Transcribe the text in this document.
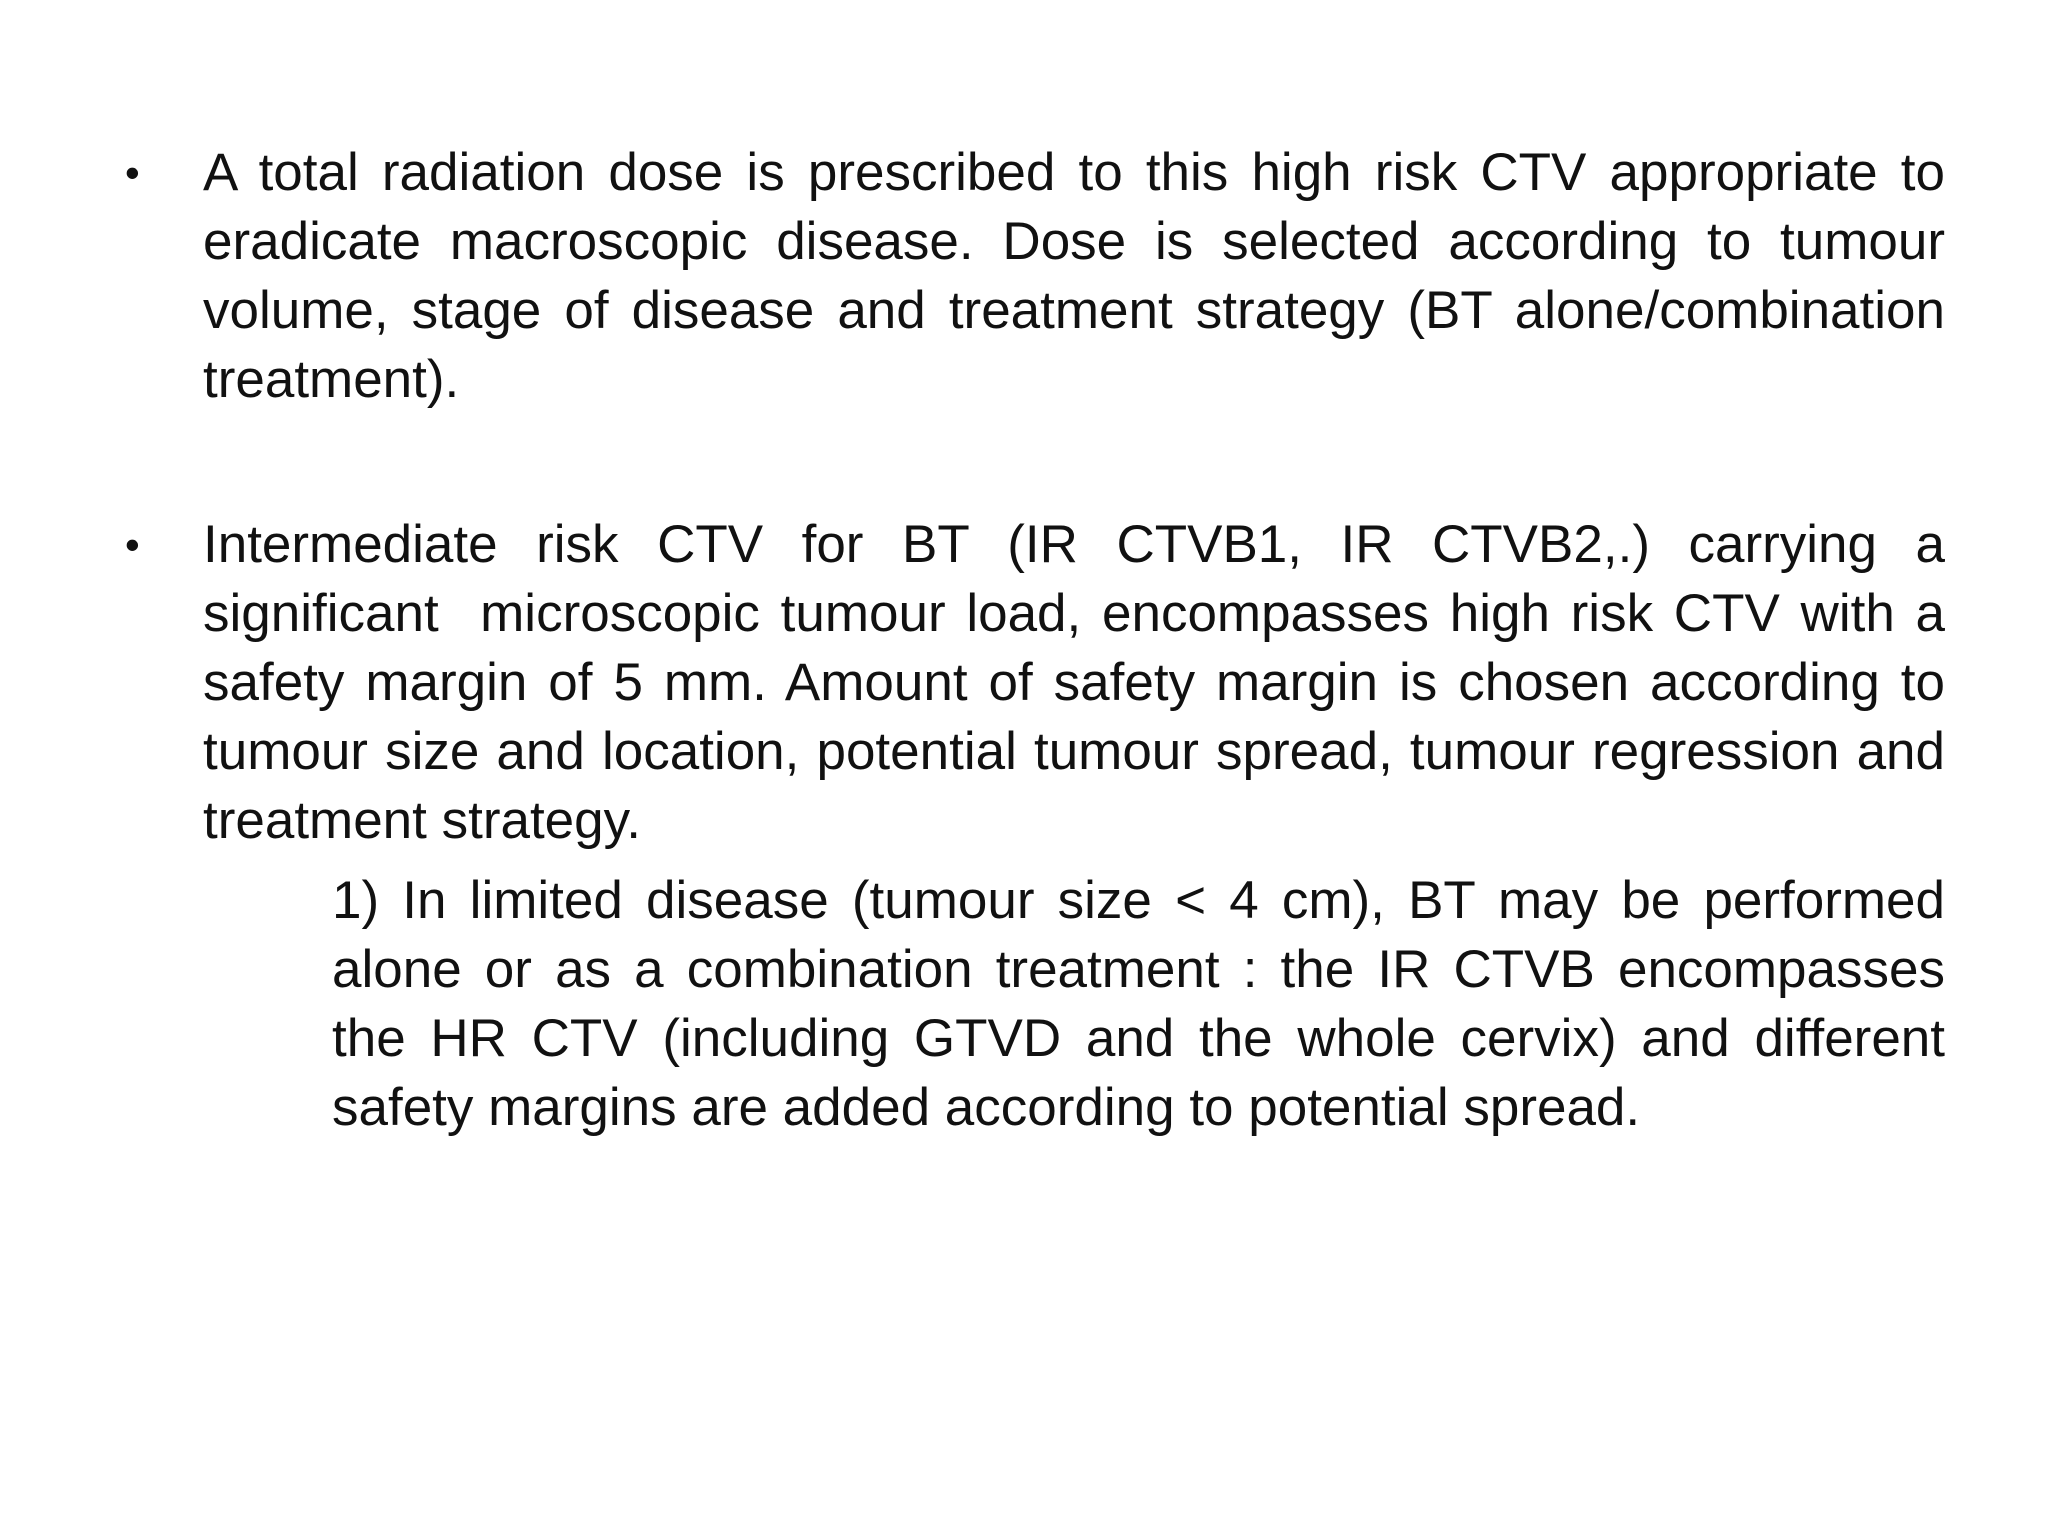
• A total radiation dose is prescribed to this high risk CTV appropriate to eradicate macroscopic disease. Dose is selected according to tumour volume, stage of disease and treatment strategy (BT alone/combination treatment).
• Intermediate risk CTV for BT (IR CTVB1, IR CTVB2,.) carrying a significant  microscopic tumour load, encompasses high risk CTV with a safety margin of 5 mm. Amount of safety margin is chosen according to tumour size and location, potential tumour spread, tumour regression and treatment strategy.
1) In limited disease (tumour size < 4 cm), BT may be performed alone or as a combination treatment : the IR CTVB encompasses the HR CTV (including GTVD and the whole cervix) and different safety margins are added according to potential spread.
